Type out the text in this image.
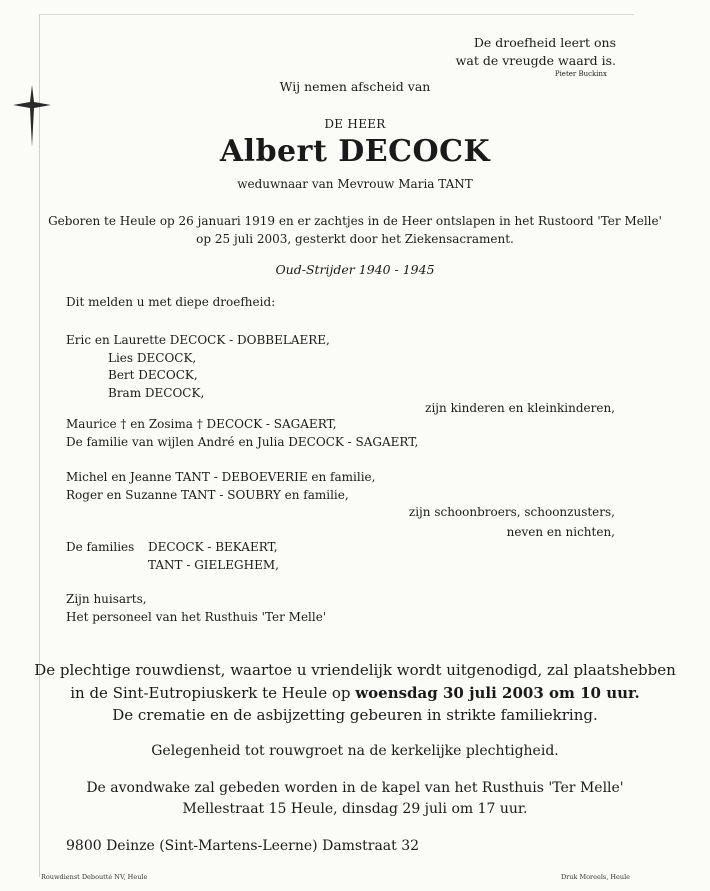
De droefheid leert ons
wat de vreugde waard is.
Pieter Buckinx
Wij nemen afscheid van
DE HEER
Albert DECOCK
weduwnaar van Mevrouw Maria TANT
Geboren te Heule op 26 januari 1919 en er zachtjes in de Heer ontslapen in het Rustoord 'Ter Melle'
op 25 juli 2003, gesterkt door het Ziekensacrament.
Oud-Strijder 1940 - 1945
Dit melden u met diepe droefheid:
Eric en Laurette DECOCK - DOBBELAERE,
Lies DECOCK,
Bert DECOCK,
Bram DECOCK,
zijn kinderen en kleinkinderen,
Maurice † en Zosima † DECOCK - SAGAERT,
De familie van wijlen André en Julia DECOCK - SAGAERT,
Michel en Jeanne TANT - DEBOEVERIE en familie,
Roger en Suzanne TANT - SOUBRY en familie,
zijn schoonbroers, schoonzusters,
neven en nichten,
De families DECOCK - BEKAERT,
TANT - GIELEGHEM,
Zijn huisarts,
Het personeel van het Rusthuis 'Ter Melle'
De plechtige rouwdienst, waartoe u vriendelijk wordt uitgenodigd, zal plaatshebben
in de Sint-Eutropiuskerk te Heule op woensdag 30 juli 2003 om 10 uur.
De crematie en de asbijzetting gebeuren in strikte familiekring.
Gelegenheid tot rouwgroet na de kerkelijke plechtigheid.
De avondwake zal gebeden worden in de kapel van het Rusthuis 'Ter Melle'
Mellestraat 15 Heule, dinsdag 29 juli om 17 uur.
9800 Deinze (Sint-Martens-Leerne) Damstraat 32
Rouwdienst Deboutté NV, Heule	Druk Moreels, Heule
